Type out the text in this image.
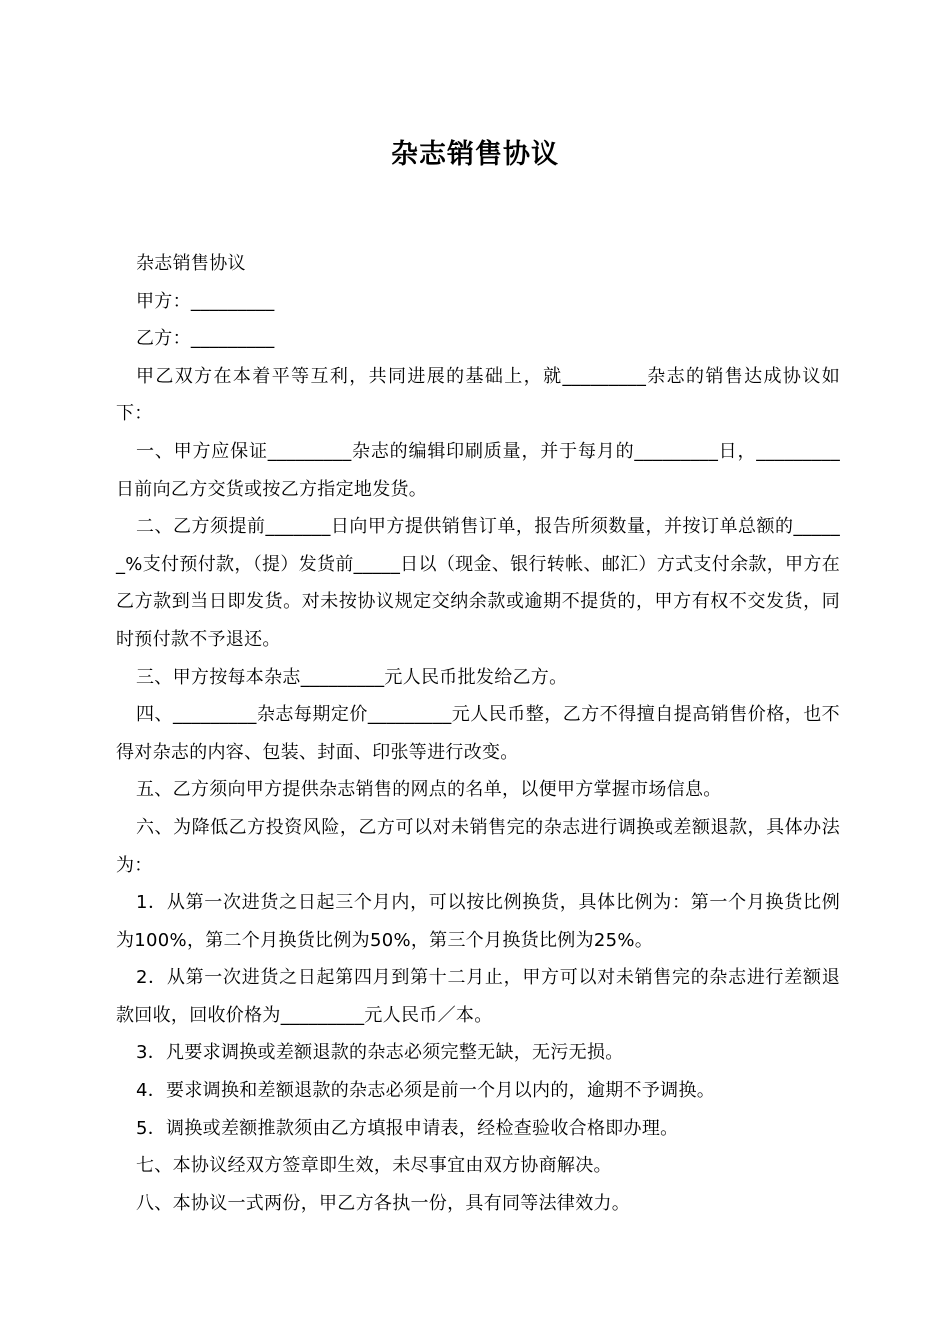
杂志销售协议

杂志销售协议

甲方：_________

乙方：_________

甲乙双方在本着平等互利，共同进展的基础上，就_________杂志的销售达成协议如下：

一、甲方应保证_________杂志的编辑印刷质量，并于每月的_________日，_________日前向乙方交货或按乙方指定地发货。

二、乙方须提前_______日向甲方提供销售订单，报告所须数量，并按订单总额的______%支付预付款，（提）发货前_____日以（现金、银行转帐、邮汇）方式支付余款，甲方在乙方款到当日即发货。对未按协议规定交纳余款或逾期不提货的，甲方有权不交发货，同时预付款不予退还。

三、甲方按每本杂志_________元人民币批发给乙方。

四、_________杂志每期定价_________元人民币整，乙方不得擅自提高销售价格，也不得对杂志的内容、包装、封面、印张等进行改变。

五、乙方须向甲方提供杂志销售的网点的名单，以便甲方掌握市场信息。

六、为降低乙方投资风险，乙方可以对未销售完的杂志进行调换或差额退款，具体办法为：

1．从第一次进货之日起三个月内，可以按比例换货，具体比例为：第一个月换货比例为100%，第二个月换货比例为50%，第三个月换货比例为25%。

2．从第一次进货之日起第四月到第十二月止，甲方可以对未销售完的杂志进行差额退款回收，回收价格为_________元人民币／本。

3．凡要求调换或差额退款的杂志必须完整无缺，无污无损。

4．要求调换和差额退款的杂志必须是前一个月以内的，逾期不予调换。

5．调换或差额推款须由乙方填报申请表，经检查验收合格即办理。

七、本协议经双方签章即生效，未尽事宜由双方协商解决。

八、本协议一式两份，甲乙方各执一份，具有同等法律效力。
